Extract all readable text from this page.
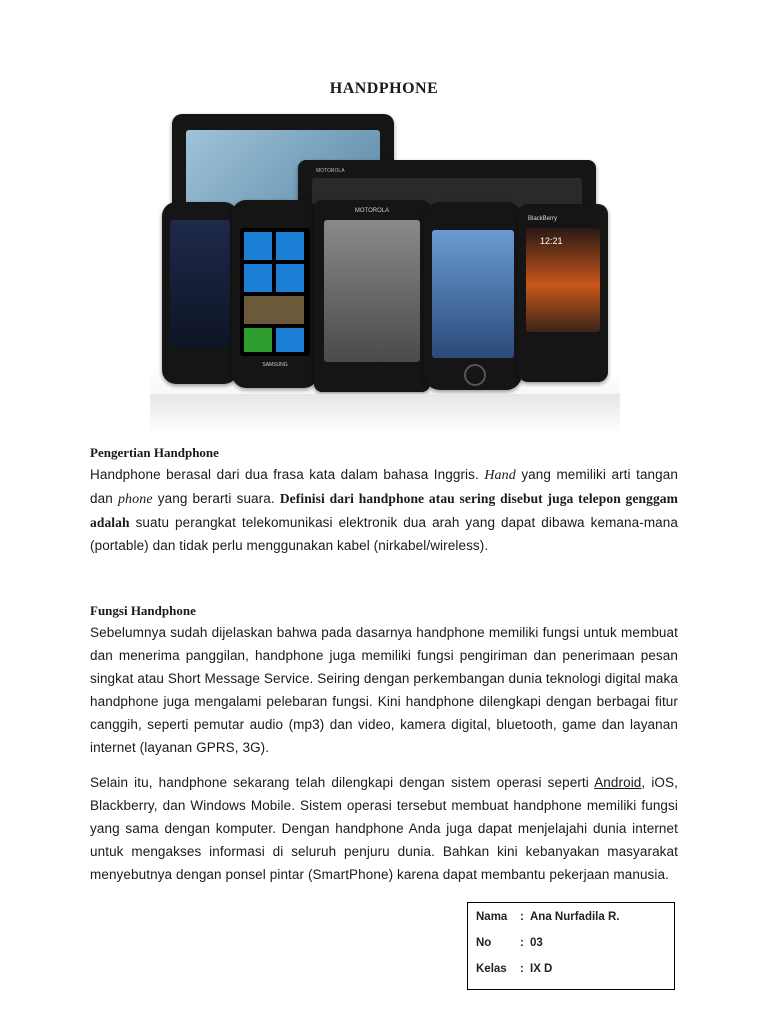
HANDPHONE
MOTOROLA
SAMSUNG
MOTOROLA
BlackBerry
12:21
Pengertian Handphone
Handphone berasal dari dua frasa kata dalam bahasa Inggris. Hand yang memiliki arti tangan dan phone yang berarti suara. Definisi dari handphone atau sering disebut juga telepon genggam adalah suatu perangkat telekomunikasi elektronik dua arah yang dapat dibawa kemana-mana (portable) dan tidak perlu menggunakan kabel (nirkabel/wireless).
Fungsi Handphone
Sebelumnya sudah dijelaskan bahwa pada dasarnya handphone memiliki fungsi untuk membuat dan menerima panggilan, handphone juga memiliki fungsi pengiriman dan penerimaan pesan singkat atau Short Message Service. Seiring dengan perkembangan dunia teknologi digital maka handphone juga mengalami pelebaran fungsi. Kini handphone dilengkapi dengan berbagai fitur canggih, seperti pemutar audio (mp3) dan video, kamera digital, bluetooth, game dan layanan internet (layanan GPRS, 3G).
Selain itu, handphone sekarang telah dilengkapi dengan sistem operasi seperti Android, iOS, Blackberry, dan Windows Mobile. Sistem operasi tersebut membuat handphone memiliki fungsi yang sama dengan komputer. Dengan handphone Anda juga dapat menjelajahi dunia internet untuk mengakses informasi di seluruh penjuru dunia. Bahkan kini kebanyakan masyarakat menyebutnya dengan ponsel pintar (SmartPhone) karena dapat membantu pekerjaan manusia.
Nama : Ana Nurfadila R.
No : 03
Kelas : IX D
